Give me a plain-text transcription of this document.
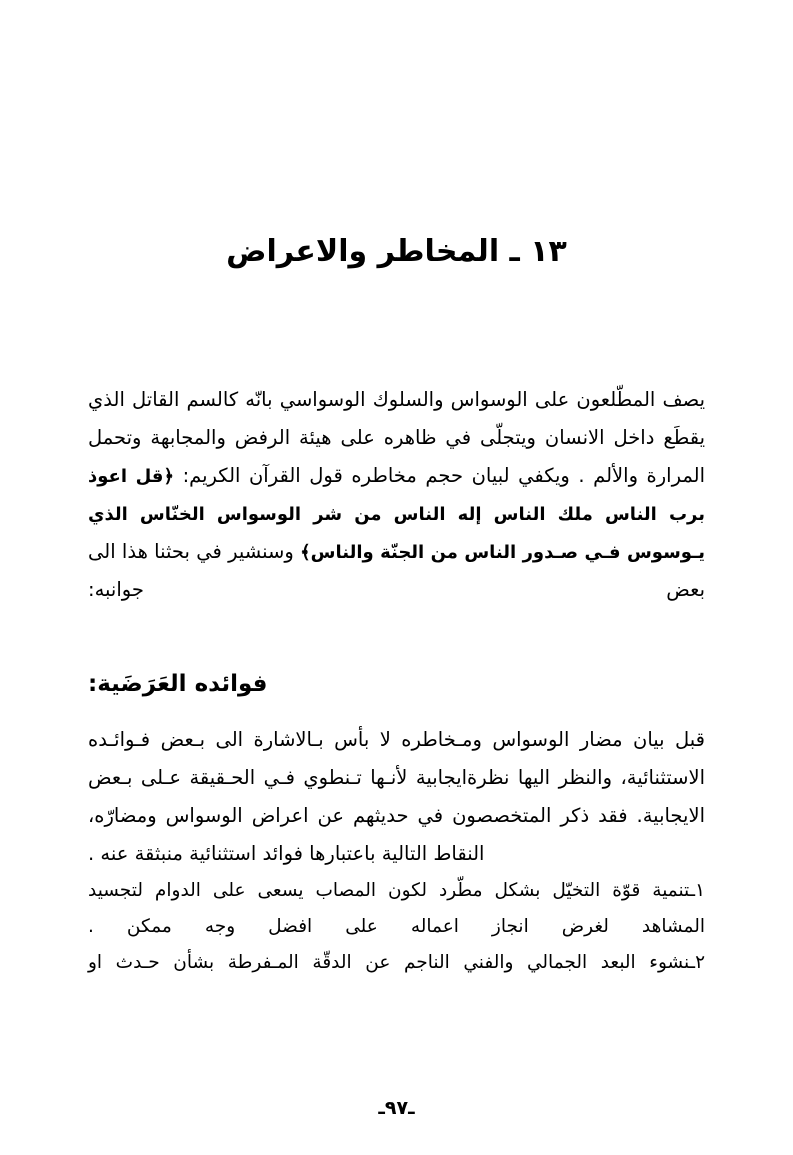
١٣ ـ المخاطر والاعراض

يصف المطّلعون على الوسواس والسلوك الوسواسي بانّه كالسم القاتل الذي يقطَع داخل الانسان ويتجلّى في ظاهره على هيئة الرفض والمجابهة وتحمل المرارة والألم . ويكفي لبيان حجم مخاطره قول القرآن الكريم: ﴿قل اعوذ برب الناس ملك الناس إله الناس من شر الوسواس الخنّاس الذي يـوسوس فـي صـدور الناس من الجنّة والناس﴾ وسنشير في بحثنا هذا الى بعض جوانبه:

فوائده العَرَضَية:

قبل بيان مضار الوسواس ومـخاطره لا بأس بـالاشارة الى بـعض فـوائـده الاستثنائية، والنظر اليها نظرةايجابية لأنـها تـنطوي فـي الحـقيقة عـلى بـعض الايجابية. فقد ذكر المتخصصون في حديثهم عن اعراض الوسواس ومضارّه، النقاط التالية باعتبارها فوائد استثنائية منبثقة عنه .

١ـتنمية قوّة التخيّل بشكل مطّرد لكون المصاب يسعى على الدوام لتجسيد
المشاهد لغرض انجاز اعماله على افضل وجه ممكن .

٢ـنشوء البعد الجمالي والفني الناجم عن الدقّة المـفرطة بشأن حـدث او

ـ٩٧ـ
